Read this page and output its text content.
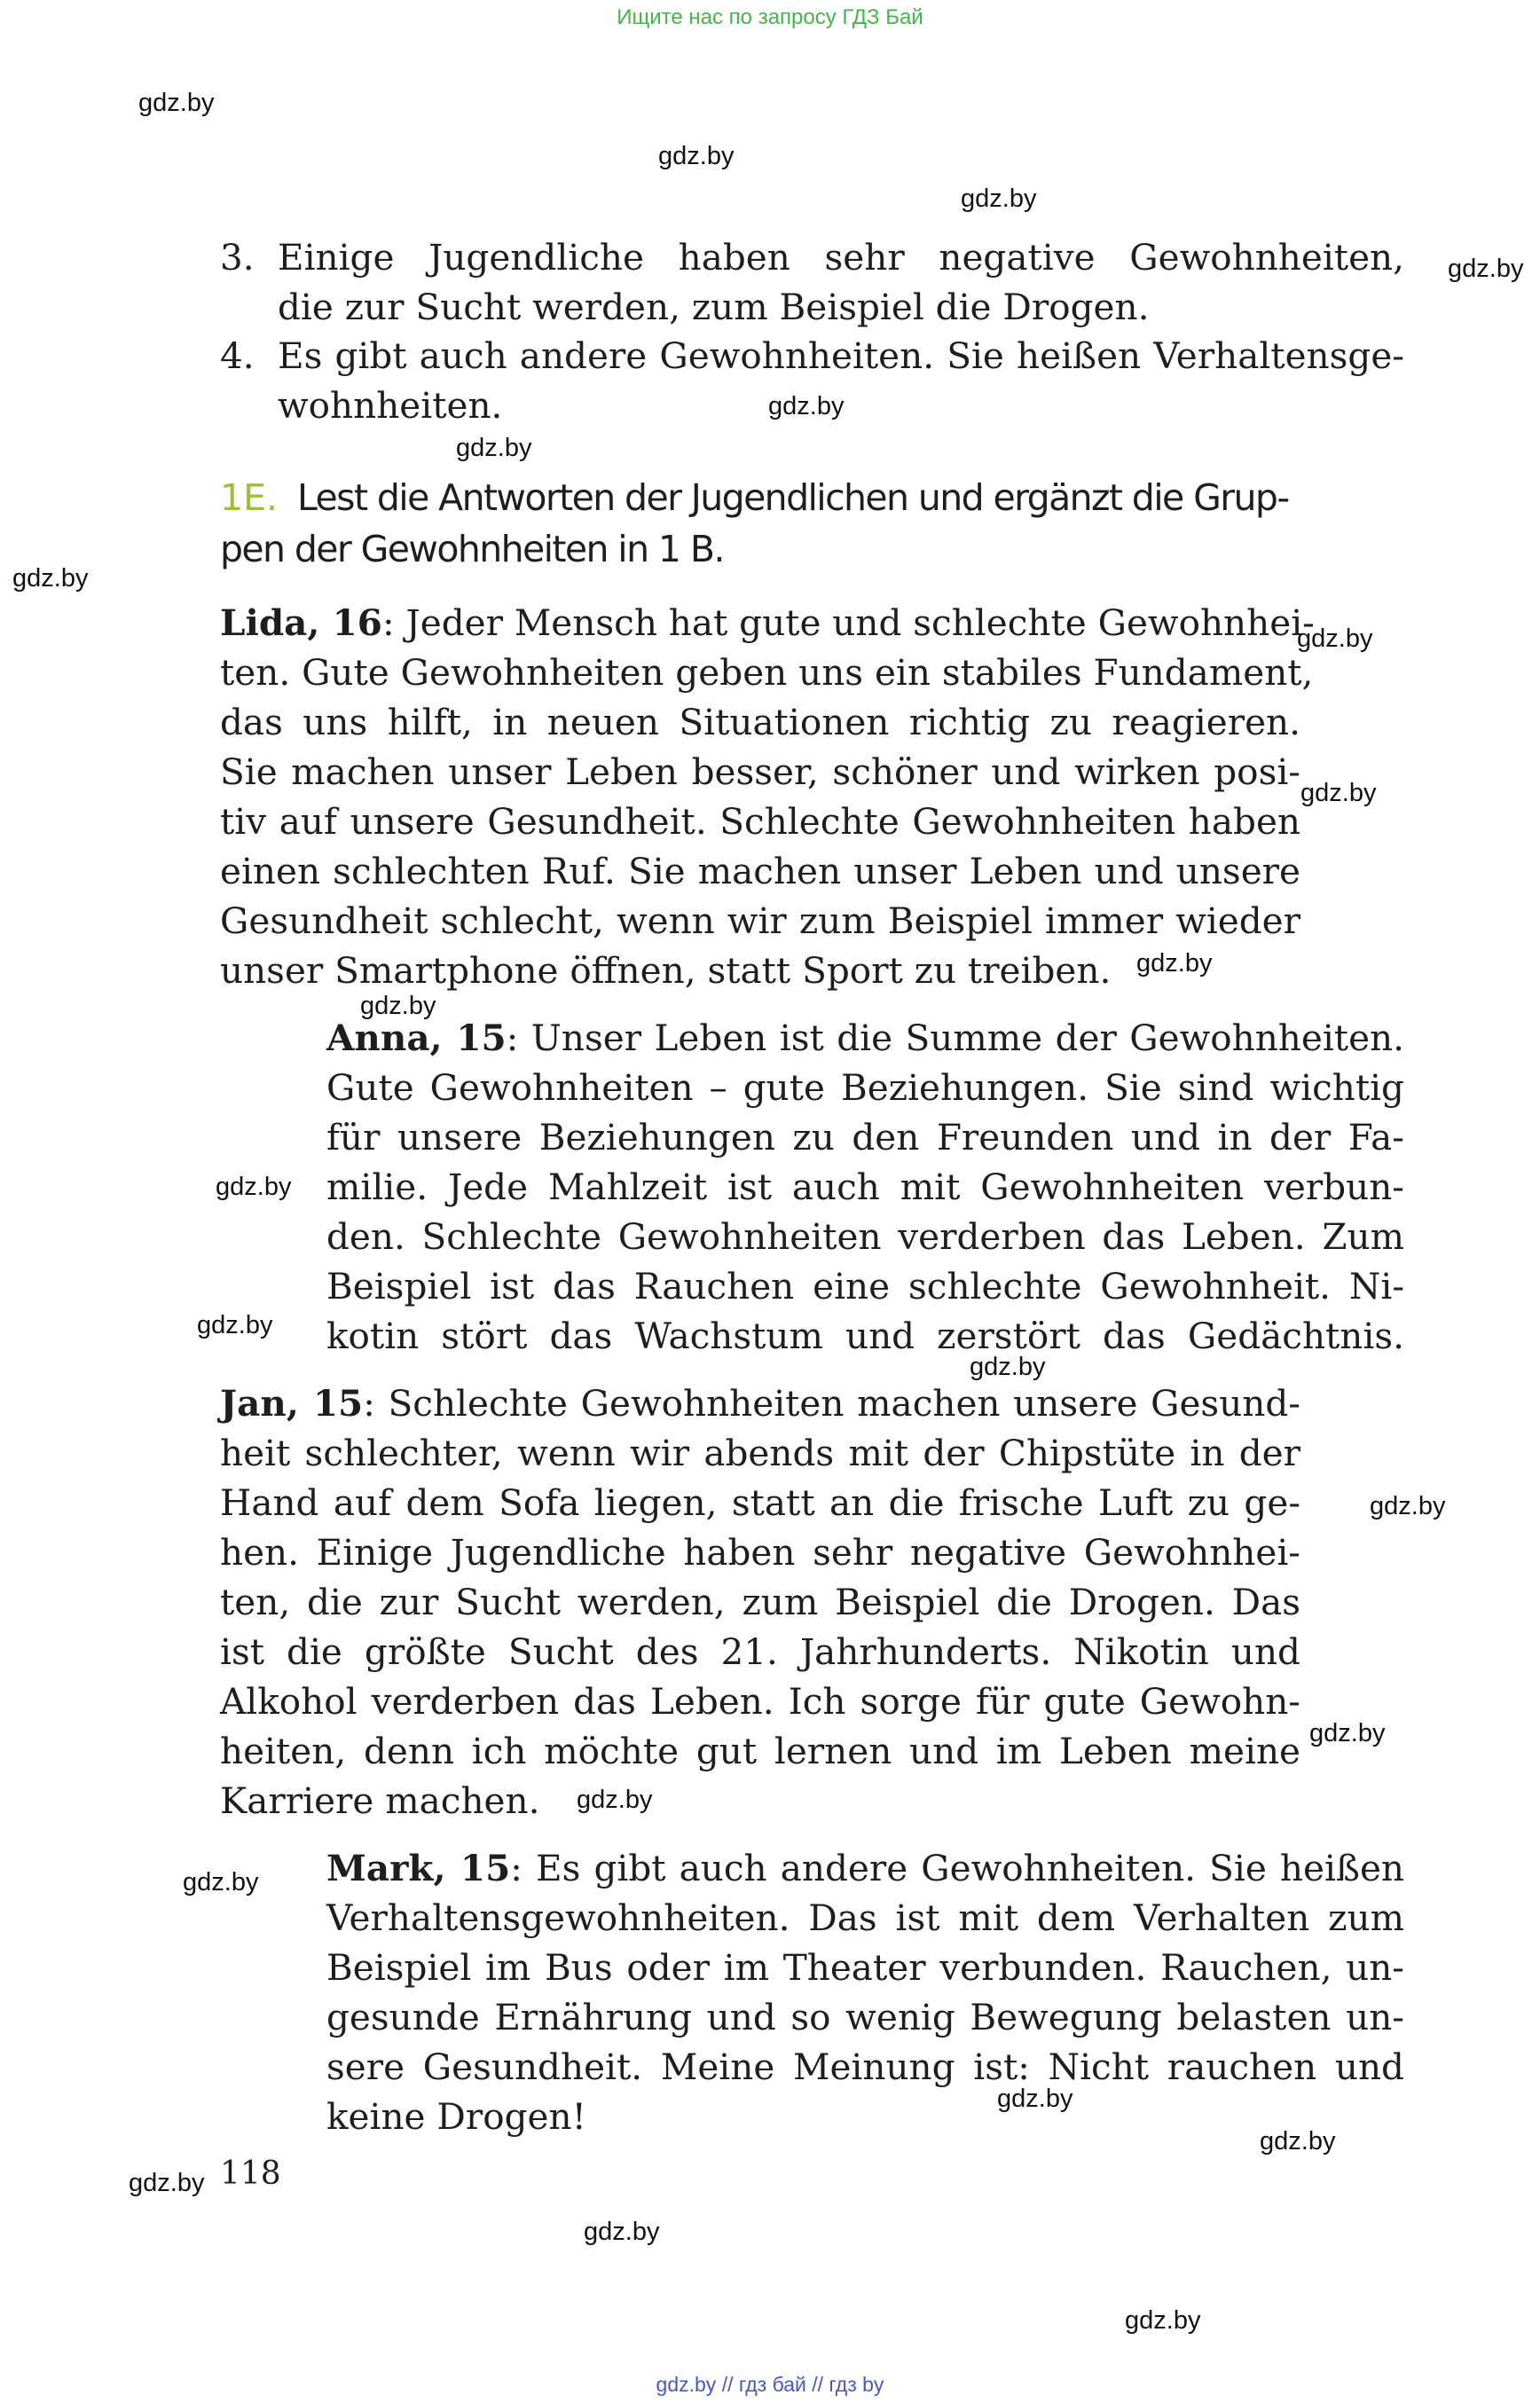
Ищите нас по запросу ГДЗ Бай
gdz.by
gdz.by
gdz.by
gdz.by
gdz.by
gdz.by
gdz.by
gdz.by
gdz.by
gdz.by
gdz.by
gdz.by
gdz.by
gdz.by
gdz.by
gdz.by
gdz.by
gdz.by
gdz.by
gdz.by
gdz.by
gdz.by
gdz.by
3. Einige Jugendliche haben sehr negative Gewohnheiten,
die zur Sucht werden, zum Beispiel die Drogen.
4. Es gibt auch andere Gewohnheiten. Sie heißen Verhaltensge-
wohnheiten.
1E. Lest die Antworten der Jugendlichen und ergänzt die Grup-
pen der Gewohnheiten in 1 B.
Lida, 16: Jeder Mensch hat gute und schlechte Gewohnhei-
ten. Gute Gewohnheiten geben uns ein stabiles Fundament,
das uns hilft, in neuen Situationen richtig zu reagieren.
Sie machen unser Leben besser, schöner und wirken posi-
tiv auf unsere Gesundheit. Schlechte Gewohnheiten haben
einen schlechten Ruf. Sie machen unser Leben und unsere
Gesundheit schlecht, wenn wir zum Beispiel immer wieder
unser Smartphone öffnen, statt Sport zu treiben.
Anna, 15: Unser Leben ist die Summe der Gewohnheiten.
Gute Gewohnheiten – gute Beziehungen. Sie sind wichtig
für unsere Beziehungen zu den Freunden und in der Fa-
milie. Jede Mahlzeit ist auch mit Gewohnheiten verbun-
den. Schlechte Gewohnheiten verderben das Leben. Zum
Beispiel ist das Rauchen eine schlechte Gewohnheit. Ni-
kotin stört das Wachstum und zerstört das Gedächtnis.
Jan, 15: Schlechte Gewohnheiten machen unsere Gesund-
heit schlechter, wenn wir abends mit der Chipstüte in der
Hand auf dem Sofa liegen, statt an die frische Luft zu ge-
hen. Einige Jugendliche haben sehr negative Gewohnhei-
ten, die zur Sucht werden, zum Beispiel die Drogen. Das
ist die größte Sucht des 21. Jahrhunderts. Nikotin und
Alkohol verderben das Leben. Ich sorge für gute Gewohn-
heiten, denn ich möchte gut lernen und im Leben meine
Karriere machen.
Mark, 15: Es gibt auch andere Gewohnheiten. Sie heißen
Verhaltensgewohnheiten. Das ist mit dem Verhalten zum
Beispiel im Bus oder im Theater verbunden. Rauchen, un-
gesunde Ernährung und so wenig Bewegung belasten un-
sere Gesundheit. Meine Meinung ist: Nicht rauchen und
keine Drogen!
118
gdz.by // гдз бай // гдз by
